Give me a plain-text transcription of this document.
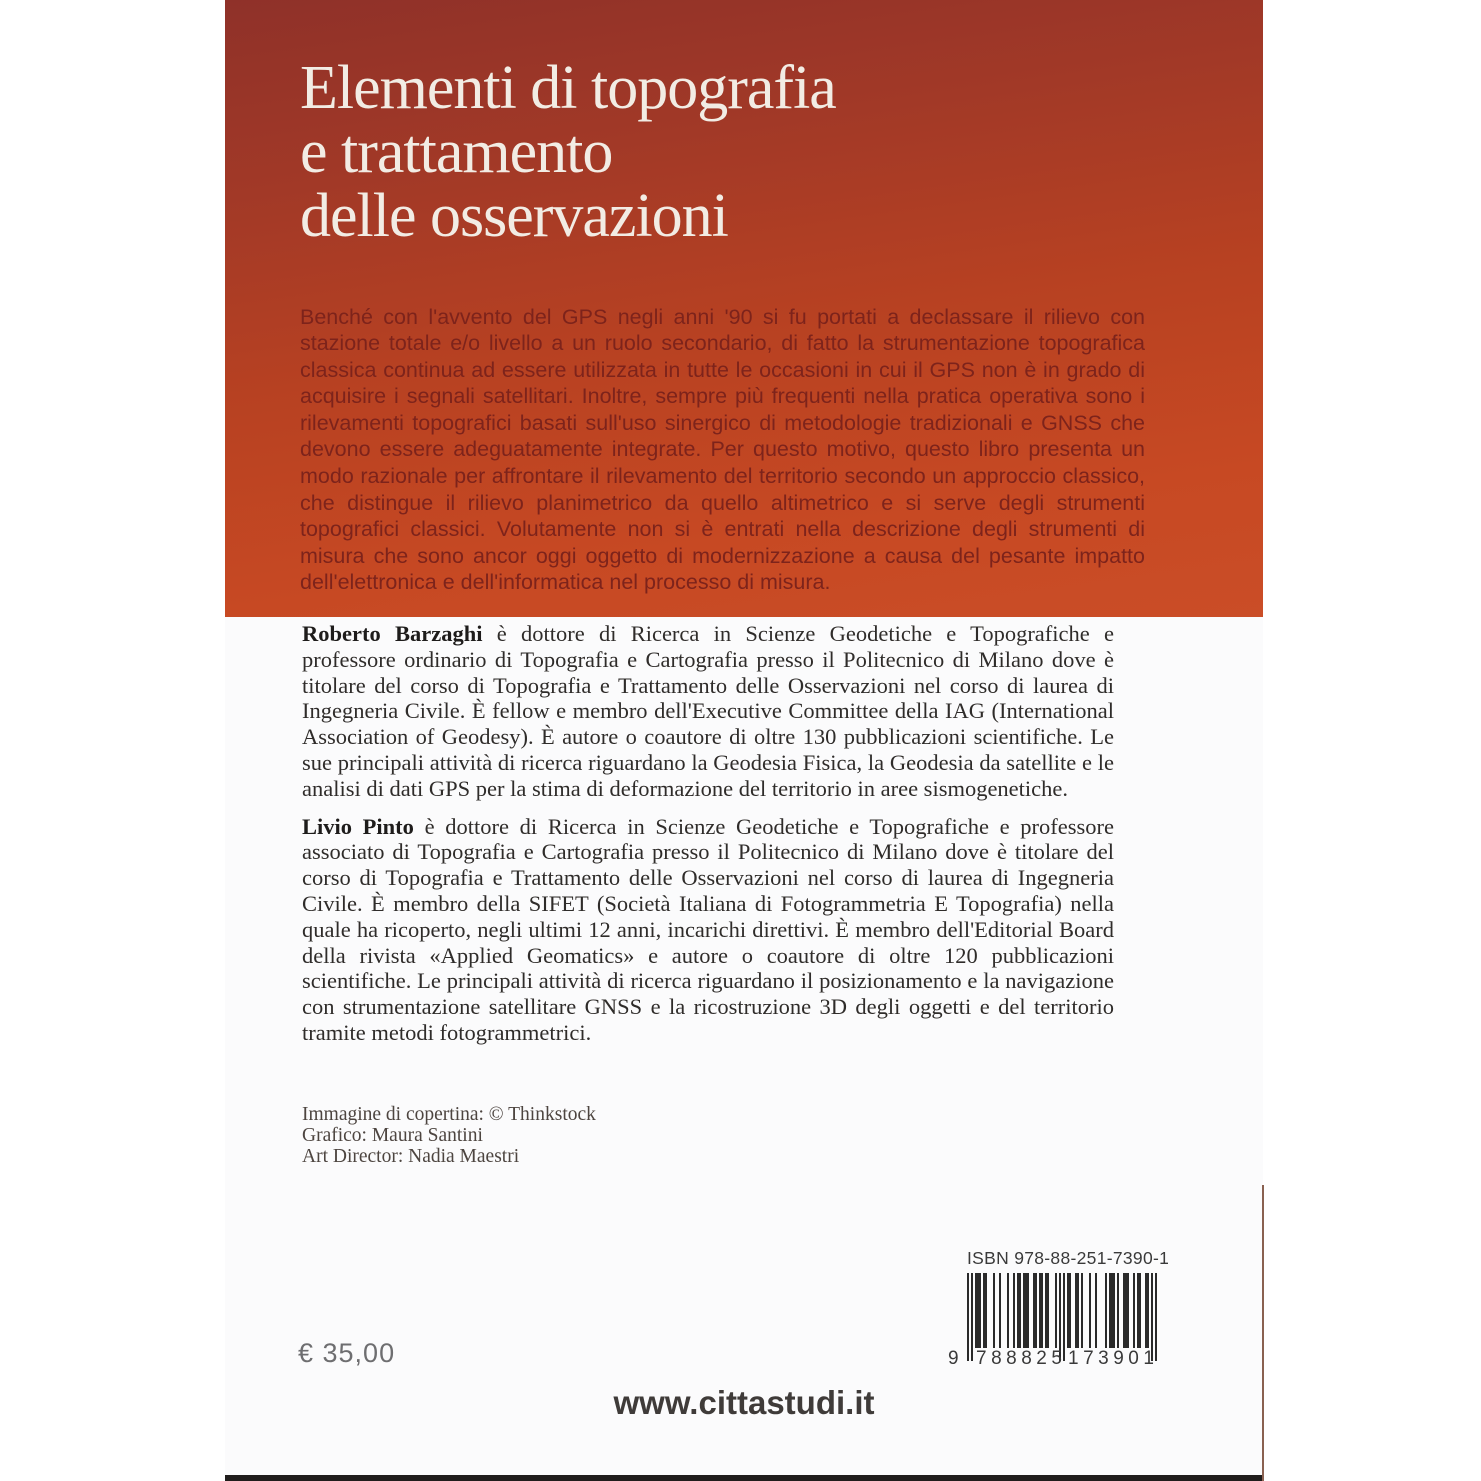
Elementi di topografia
e trattamento
delle osservazioni

Benché con l'avvento del GPS negli anni '90 si fu portati a declassare il rilievo con stazione totale e/o livello a un ruolo secondario, di fatto la strumentazione topografica classica continua ad essere utilizzata in tutte le occasioni in cui il GPS non è in grado di acquisire i segnali satellitari. Inoltre, sempre più frequenti nella pratica operativa sono i rilevamenti topografici basati sull'uso sinergico di metodologie tradizionali e GNSS che devono essere adeguatamente integrate. Per questo motivo, questo libro presenta un modo razionale per affrontare il rilevamento del territorio secondo un approccio classico, che distingue il rilievo planimetrico da quello altimetrico e si serve degli strumenti topografici classici. Volutamente non si è entrati nella descrizione degli strumenti di misura che sono ancor oggi oggetto di modernizzazione a causa del pesante impatto dell'elettronica e dell'informatica nel processo di misura.

Roberto Barzaghi è dottore di Ricerca in Scienze Geodetiche e Topografiche e professore ordinario di Topografia e Cartografia presso il Politecnico di Milano dove è titolare del corso di Topografia e Trattamento delle Osservazioni nel corso di laurea di Ingegneria Civile. È fellow e membro dell'Executive Committee della IAG (International Association of Geodesy). È autore o coautore di oltre 130 pubblicazioni scientifiche. Le sue principali attività di ricerca riguardano la Geodesia Fisica, la Geodesia da satellite e le analisi di dati GPS per la stima di deformazione del territorio in aree sismogenetiche.

Livio Pinto è dottore di Ricerca in Scienze Geodetiche e Topografiche e professore associato di Topografia e Cartografia presso il Politecnico di Milano dove è titolare del corso di Topografia e Trattamento delle Osservazioni nel corso di laurea di Ingegneria Civile. È membro della SIFET (Società Italiana di Fotogrammetria E Topografia) nella quale ha ricoperto, negli ultimi 12 anni, incarichi direttivi. È membro dell'Editorial Board della rivista «Applied Geomatics» e autore o coautore di oltre 120 pubblicazioni scientifiche. Le principali attività di ricerca riguardano il posizionamento e la navigazione con strumentazione satellitare GNSS e la ricostruzione 3D degli oggetti e del territorio tramite metodi fotogrammetrici.

Immagine di copertina: © Thinkstock
Grafico: Maura Santini
Art Director: Nadia Maestri
€ 35,00
ISBN 978-88-251-7390-1
9 788825 173901
www.cittastudi.it
